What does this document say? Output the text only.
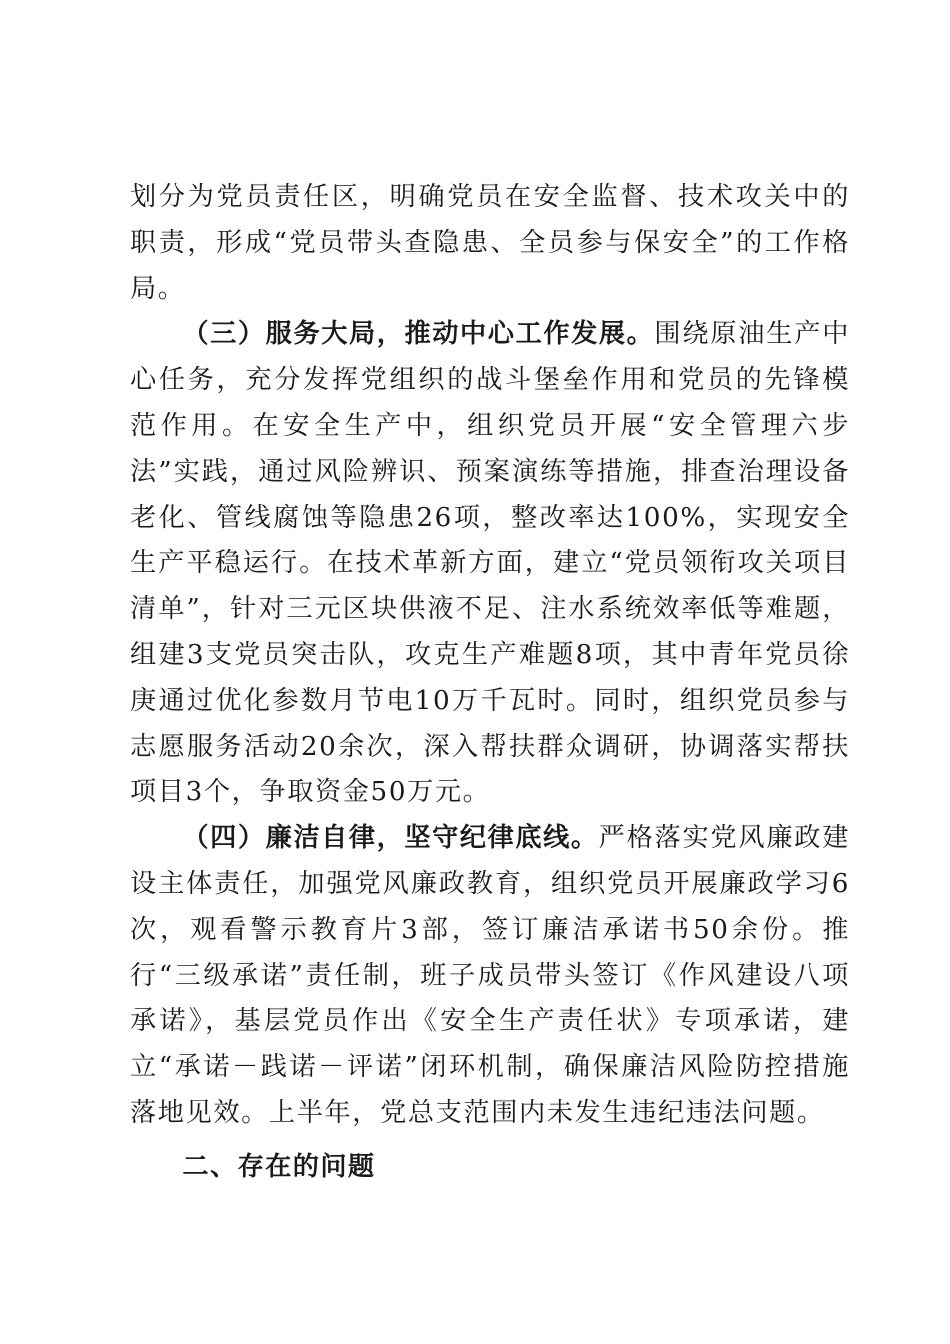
划分为党员责任区，明确党员在安全监督、技术攻关中的职责，形成“党员带头查隐患、全员参与保安全”的工作格局。

（三）服务大局，推动中心工作发展。围绕原油生产中心任务，充分发挥党组织的战斗堡垒作用和党员的先锋模范作用。在安全生产中，组织党员开展“安全管理六步法”实践，通过风险辨识、预案演练等措施，排查治理设备老化、管线腐蚀等隐患26项，整改率达100%，实现安全生产平稳运行。在技术革新方面，建立“党员领衔攻关项目清单”，针对三元区块供液不足、注水系统效率低等难题，组建3支党员突击队，攻克生产难题8项，其中青年党员徐庚通过优化参数月节电10万千瓦时。同时，组织党员参与志愿服务活动20余次，深入帮扶群众调研，协调落实帮扶项目3个，争取资金50万元。

（四）廉洁自律，坚守纪律底线。严格落实党风廉政建设主体责任，加强党风廉政教育，组织党员开展廉政学习6次，观看警示教育片3部，签订廉洁承诺书50余份。推行“三级承诺”责任制，班子成员带头签订《作风建设八项承诺》，基层党员作出《安全生产责任状》专项承诺，建立“承诺－践诺－评诺”闭环机制，确保廉洁风险防控措施落地见效。上半年，党总支范围内未发生违纪违法问题。

二、存在的问题
